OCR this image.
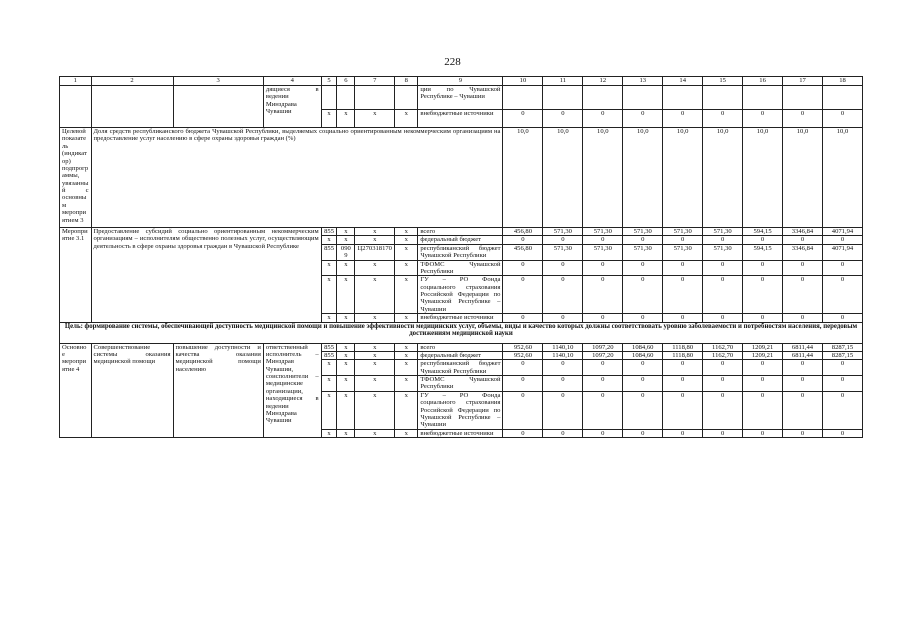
228
1	2	3	4	5	6	7	8	9	10	11	12	13	14	15	16	17	18
			дящиеся в ведении Минздрава Чувашии					ции по Чувашской Республике – Чувашии									
				x	x	x	x	внебюджетные источники	0	0	0	0	0	0	0	0	0
Целевой показатель (индикатор) подпрограммы, увязанный с основным мероприятием 3	Доля средств республиканского бюджета Чувашской Республики, выделяемых социально ориентированным некоммерческим организациям на предоставление услуг населению в сфере охраны здоровья граждан (%)								10,0	10,0	10,0	10,0	10,0	10,0	10,0	10,0	10,0
Мероприятие 3.1	Предоставление субсидий социально ориентированным некоммерческим организациям – исполнителям общественно полезных услуг, осуществляющим деятельность в сфере охраны здоровья граждан в Чувашской Республике			855	x	x	x	всего	456,80	571,30	571,30	571,30	571,30	571,30	594,15	3346,84	4071,94
				x	x	x	x	федеральный бюджет	0	0	0	0	0	0	0	0	0
				855	0909	Ц270318170	x	республиканский бюджет Чувашской Республики	456,80	571,30	571,30	571,30	571,30	571,30	594,15	3346,84	4071,94
				x	x	x	x	ТФОМС Чувашской Республики	0	0	0	0	0	0	0	0	0
				x	x	x	x	ГУ – РО Фонда социального страхования Российской Федерации по Чувашской Республике – Чувашии	0	0	0	0	0	0	0	0	0
				x	x	x	x	внебюджетные источники	0	0	0	0	0	0	0	0	0
Цель: формирование системы, обеспечивающей доступность медицинской помощи и повышение эффективности медицинских услуг, объемы, виды и качество которых должны соответствовать уровню заболеваемости и потребностям населения, передовым достижениям медицинской науки																	
Основное мероприятие 4	Совершенствование системы оказания медицинской помощи	повышение доступности и качества оказания медицинской помощи населению	ответственный исполнитель – Минздрав Чувашии, соисполнители – медицинские организации, находящиеся в ведении Минздрава Чувашии	855	x	x	x	всего	952,60	1140,10	1097,20	1084,60	1118,80	1162,70	1209,21	6811,44	8287,15
				855	x	x	x	федеральный бюджет	952,60	1140,10	1097,20	1084,60	1118,80	1162,70	1209,21	6811,44	8287,15
				x	x	x	x	республиканский бюджет Чувашской Республики	0	0	0	0	0	0	0	0	0
				x	x	x	x	ТФОМС Чувашской Республики	0	0	0	0	0	0	0	0	0
				x	x	x	x	ГУ – РО Фонда социального страхования Российской Федерации по Чувашской Республике – Чувашии	0	0	0	0	0	0	0	0	0
				x	x	x	x	внебюджетные источники	0	0	0	0	0	0	0	0	0
